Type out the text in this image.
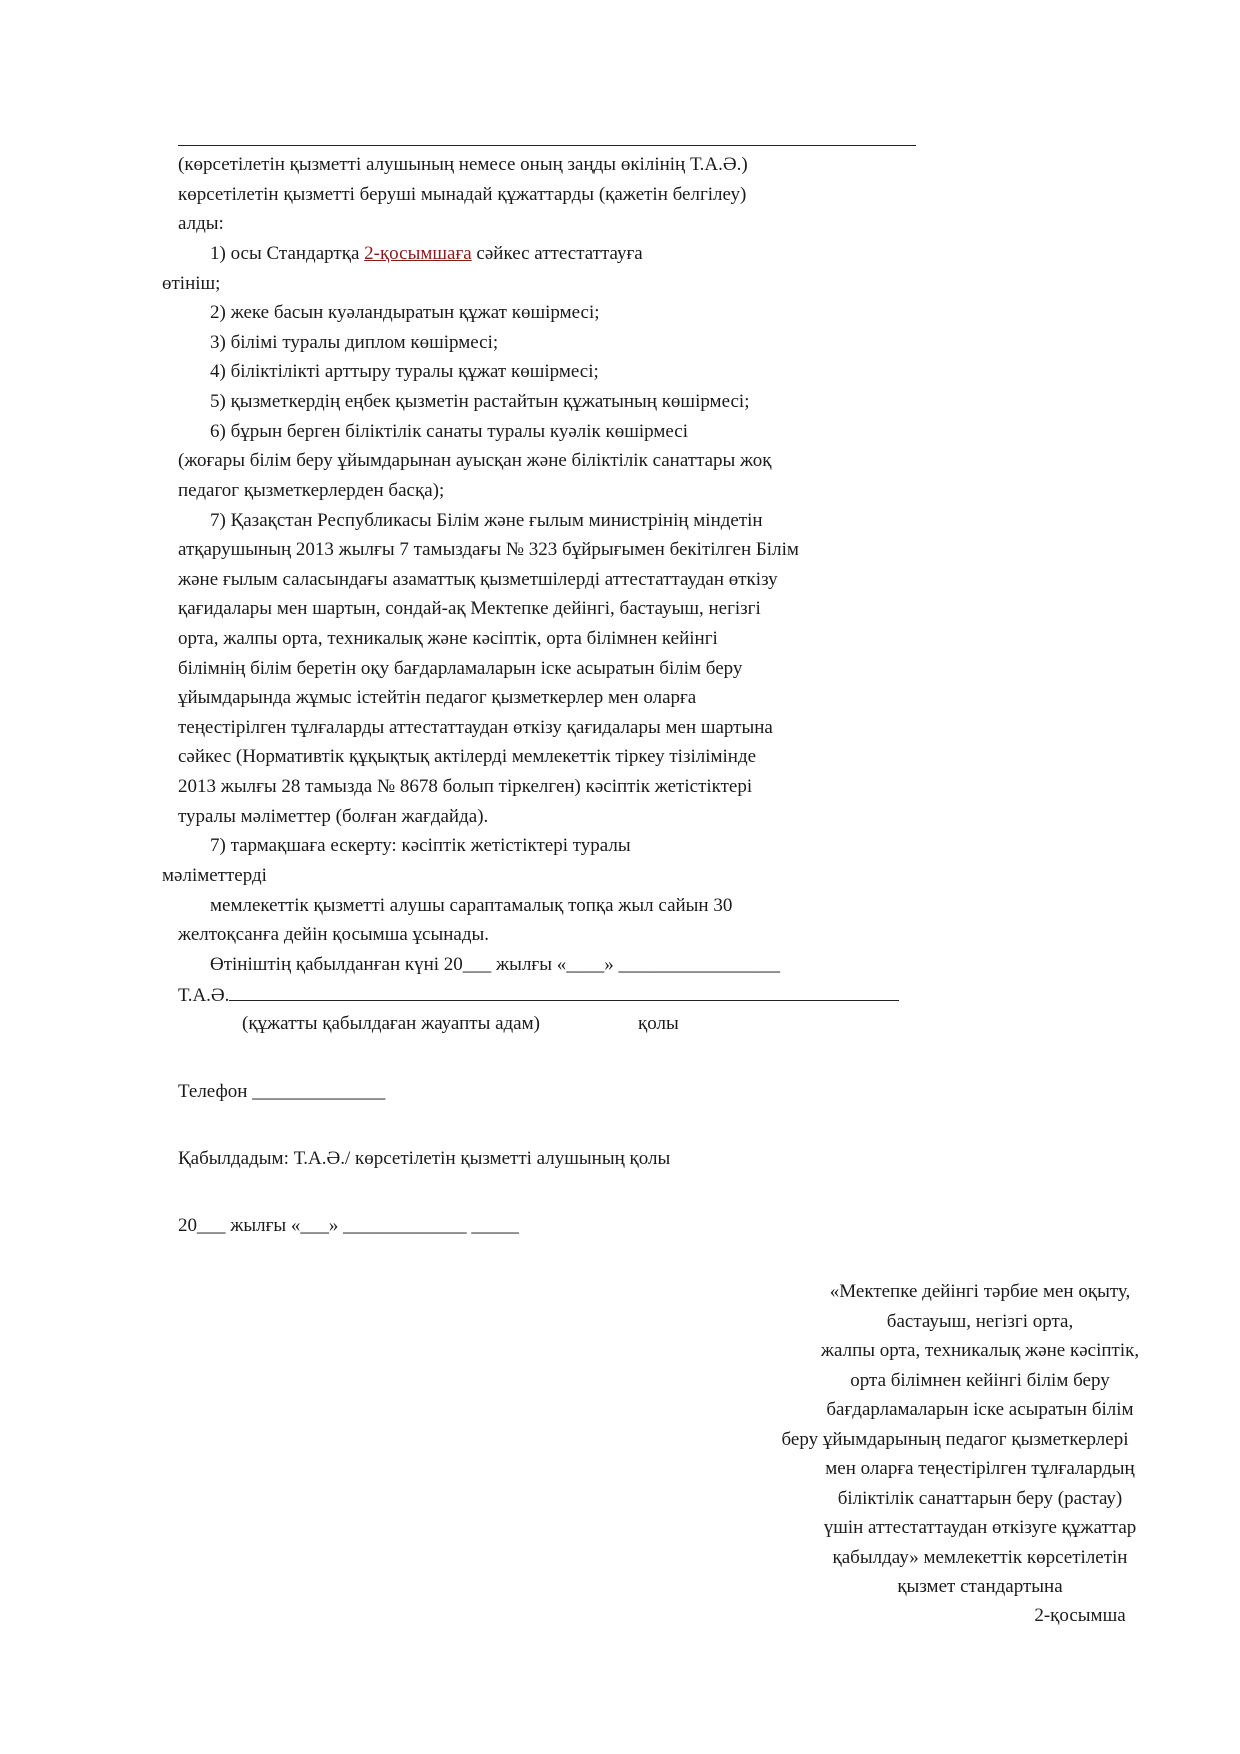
(көрсетілетін қызметті алушының немесе оның заңды өкілінің Т.А.Ә.)
көрсетілетін қызметті беруші мынадай құжаттарды (қажетін белгілеу)
алды:
1) осы Стандартқа 2-қосымшаға сәйкес аттестаттауға
өтініш;
2) жеке басын куәландыратын құжат көшірмесі;
3) білімі туралы диплом көшірмесі;
4) біліктілікті арттыру туралы құжат көшірмесі;
5) қызметкердің еңбек қызметін растайтын құжатының көшірмесі;
6) бұрын берген біліктілік санаты туралы куәлік көшірмесі
(жоғары білім беру ұйымдарынан ауысқан және біліктілік санаттары жоқ
педагог қызметкерлерден басқа);
7) Қазақстан Республикасы Білім және ғылым министрінің міндетін
атқарушының 2013 жылғы 7 тамыздағы № 323 бұйрығымен бекітілген Білім
және ғылым саласындағы азаматтық қызметшілерді аттестаттаудан өткізу
қағидалары мен шартын, сондай-ақ Мектепке дейінгі, бастауыш, негізгі
орта, жалпы орта, техникалық және кәсіптік, орта білімнен кейінгі
білімнің білім беретін оқу бағдарламаларын іске асыратын білім беру
ұйымдарында жұмыс істейтін педагог қызметкерлер мен оларға
теңестірілген тұлғаларды аттестаттаудан өткізу қағидалары мен шартына
сәйкес (Нормативтік құқықтық актілерді мемлекеттік тіркеу тізілімінде
2013 жылғы 28 тамызда № 8678 болып тіркелген) кәсіптік жетістіктері
туралы мәліметтер (болған жағдайда).
7) тармақшаға ескерту: кәсіптік жетістіктері туралы
мәліметтерді
мемлекеттік қызметті алушы сараптамалық топқа жыл сайын 30
желтоқсанға дейін қосымша ұсынады.
Өтініштің қабылданған күні 20___ жылғы «____» _________________
Т.А.Ә.
(құжатты қабылдаған жауапты адам)	қолы
Телефон ______________
Қабылдадым: Т.А.Ә./ көрсетілетін қызметті алушының қолы
20___ жылғы «___» _____________ _____
«Мектепке дейінгі тәрбие мен оқыту,
бастауыш, негізгі орта,
жалпы орта, техникалық және кәсіптік,
орта білімнен кейінгі білім беру
бағдарламаларын іске асыратын білім
беру ұйымдарының педагог қызметкерлері
мен оларға теңестірілген тұлғалардың
біліктілік санаттарын беру (растау)
үшін аттестаттаудан өткізуге құжаттар
қабылдау» мемлекеттік көрсетілетін
қызмет стандартына
2-қосымша
